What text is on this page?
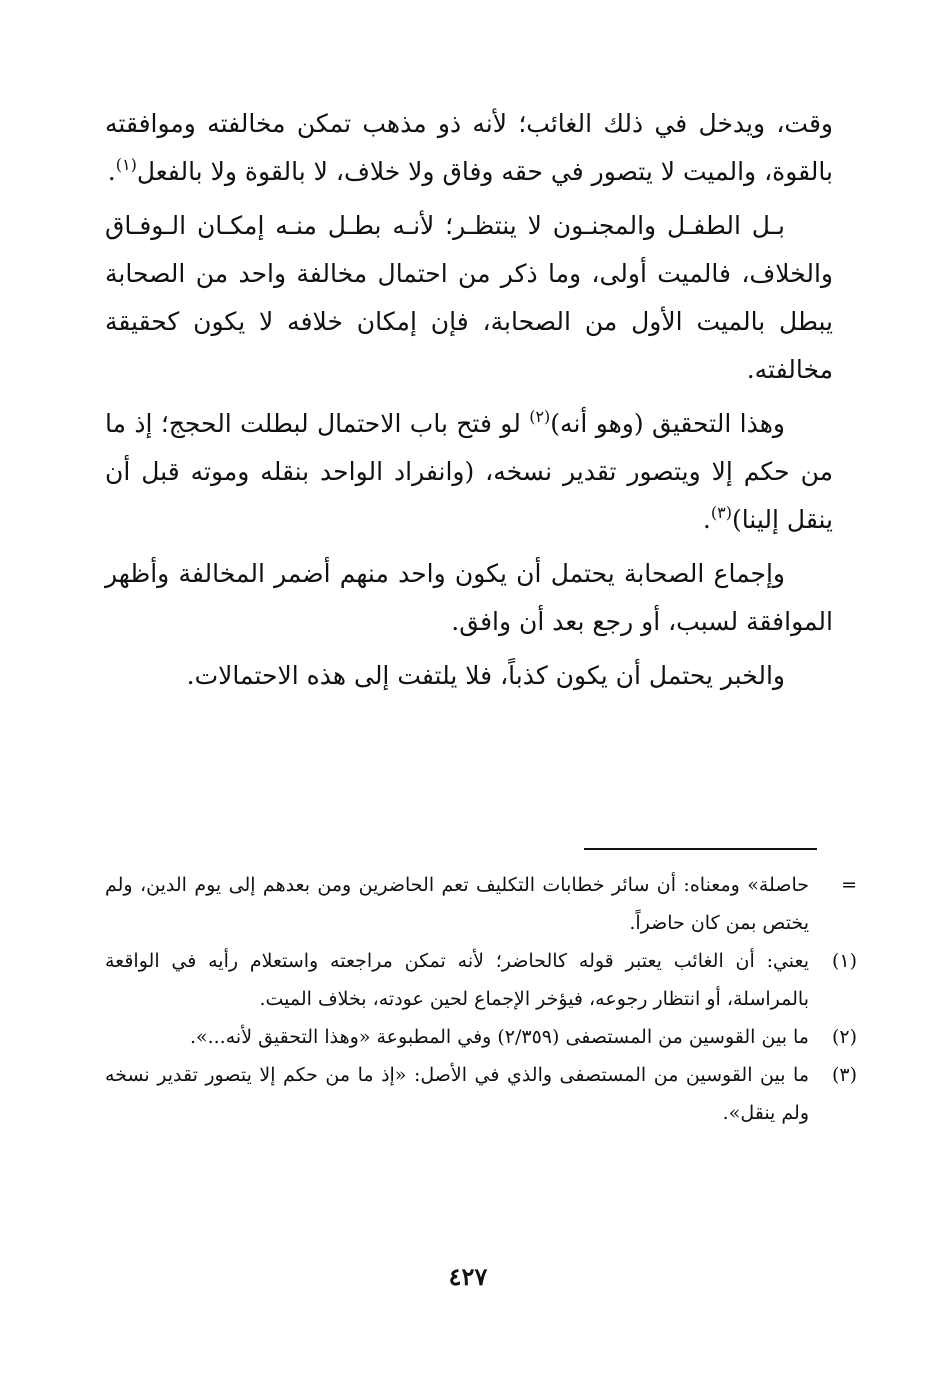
وقت، ويدخل في ذلك الغائب؛ لأنه ذو مذهب تمكن مخالفته وموافقته بالقوة، والميت لا يتصور في حقه وفاق ولا خلاف، لا بالقوة ولا بالفعل$^{(١)}$.

بـل الطفـل والمجنـون لا ينتظـر؛ لأنـه بطـل منـه إمكـان الـوفـاق والخلاف، فالميت أولى، وما ذكر من احتمال مخالفة واحد من الصحابة يبطل بالميت الأول من الصحابة، فإن إمكان خلافه لا يكون كحقيقة مخالفته.

وهذا التحقيق (وهو أنه)$^{(٢)}$ لو فتح باب الاحتمال لبطلت الحجج؛ إذ ما من حكم إلا ويتصور تقدير نسخه، (وانفراد الواحد بنقله وموته قبل أن ينقل إلينا)$^{(٣)}$.

وإجماع الصحابة يحتمل أن يكون واحد منهم أضمر المخالفة وأظهر الموافقة لسبب، أو رجع بعد أن وافق.

والخبر يحتمل أن يكون كذباً، فلا يلتفت إلى هذه الاحتمالات.

=
حاصلة» ومعناه: أن سائر خطابات التكليف تعم الحاضرين ومن بعدهم إلى يوم الدين، ولم يختص بمن كان حاضراً.
(١)
يعني: أن الغائب يعتبر قوله كالحاضر؛ لأنه تمكن مراجعته واستعلام رأيه في الواقعة بالمراسلة، أو انتظار رجوعه، فيؤخر الإجماع لحين عودته، بخلاف الميت.
(٢)
ما بين القوسين من المستصفى (٢/٣٥٩) وفي المطبوعة «وهذا التحقيق لأنه...».
(٣)
ما بين القوسين من المستصفى والذي في الأصل: «إذ ما من حكم إلا يتصور تقدير نسخه ولم ينقل».
٤٢٧
